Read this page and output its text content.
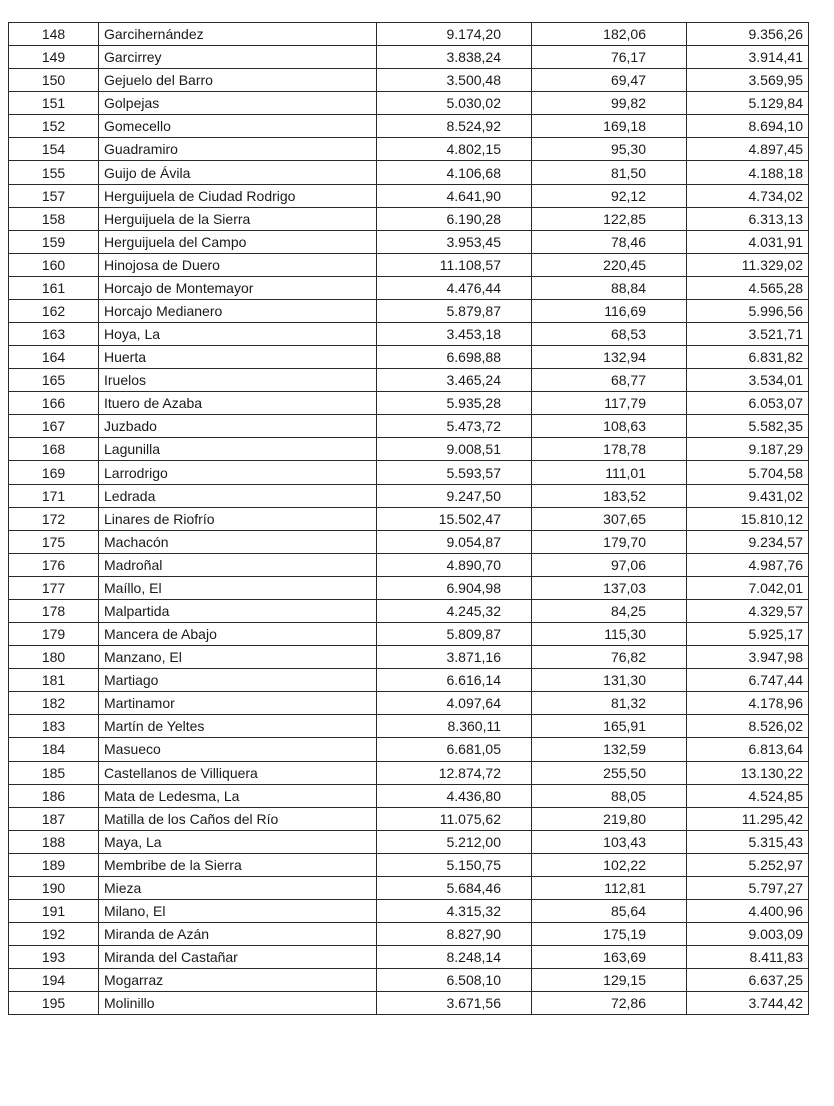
148	Garcihernández	9.174,20	182,06	9.356,26
149	Garcirrey	3.838,24	76,17	3.914,41
150	Gejuelo del Barro	3.500,48	69,47	3.569,95
151	Golpejas	5.030,02	99,82	5.129,84
152	Gomecello	8.524,92	169,18	8.694,10
154	Guadramiro	4.802,15	95,30	4.897,45
155	Guijo de Ávila	4.106,68	81,50	4.188,18
157	Herguijuela de Ciudad Rodrigo	4.641,90	92,12	4.734,02
158	Herguijuela de la Sierra	6.190,28	122,85	6.313,13
159	Herguijuela del Campo	3.953,45	78,46	4.031,91
160	Hinojosa de Duero	11.108,57	220,45	11.329,02
161	Horcajo de Montemayor	4.476,44	88,84	4.565,28
162	Horcajo Medianero	5.879,87	116,69	5.996,56
163	Hoya, La	3.453,18	68,53	3.521,71
164	Huerta	6.698,88	132,94	6.831,82
165	Iruelos	3.465,24	68,77	3.534,01
166	Ituero de Azaba	5.935,28	117,79	6.053,07
167	Juzbado	5.473,72	108,63	5.582,35
168	Lagunilla	9.008,51	178,78	9.187,29
169	Larrodrigo	5.593,57	111,01	5.704,58
171	Ledrada	9.247,50	183,52	9.431,02
172	Linares de Riofrío	15.502,47	307,65	15.810,12
175	Machacón	9.054,87	179,70	9.234,57
176	Madroñal	4.890,70	97,06	4.987,76
177	Maíllo, El	6.904,98	137,03	7.042,01
178	Malpartida	4.245,32	84,25	4.329,57
179	Mancera de Abajo	5.809,87	115,30	5.925,17
180	Manzano, El	3.871,16	76,82	3.947,98
181	Martiago	6.616,14	131,30	6.747,44
182	Martinamor	4.097,64	81,32	4.178,96
183	Martín de Yeltes	8.360,11	165,91	8.526,02
184	Masueco	6.681,05	132,59	6.813,64
185	Castellanos de Villiquera	12.874,72	255,50	13.130,22
186	Mata de Ledesma, La	4.436,80	88,05	4.524,85
187	Matilla de los Caños del Río	11.075,62	219,80	11.295,42
188	Maya, La	5.212,00	103,43	5.315,43
189	Membribe de la Sierra	5.150,75	102,22	5.252,97
190	Mieza	5.684,46	112,81	5.797,27
191	Milano, El	4.315,32	85,64	4.400,96
192	Miranda de Azán	8.827,90	175,19	9.003,09
193	Miranda del Castañar	8.248,14	163,69	8.411,83
194	Mogarraz	6.508,10	129,15	6.637,25
195	Molinillo	3.671,56	72,86	3.744,42
